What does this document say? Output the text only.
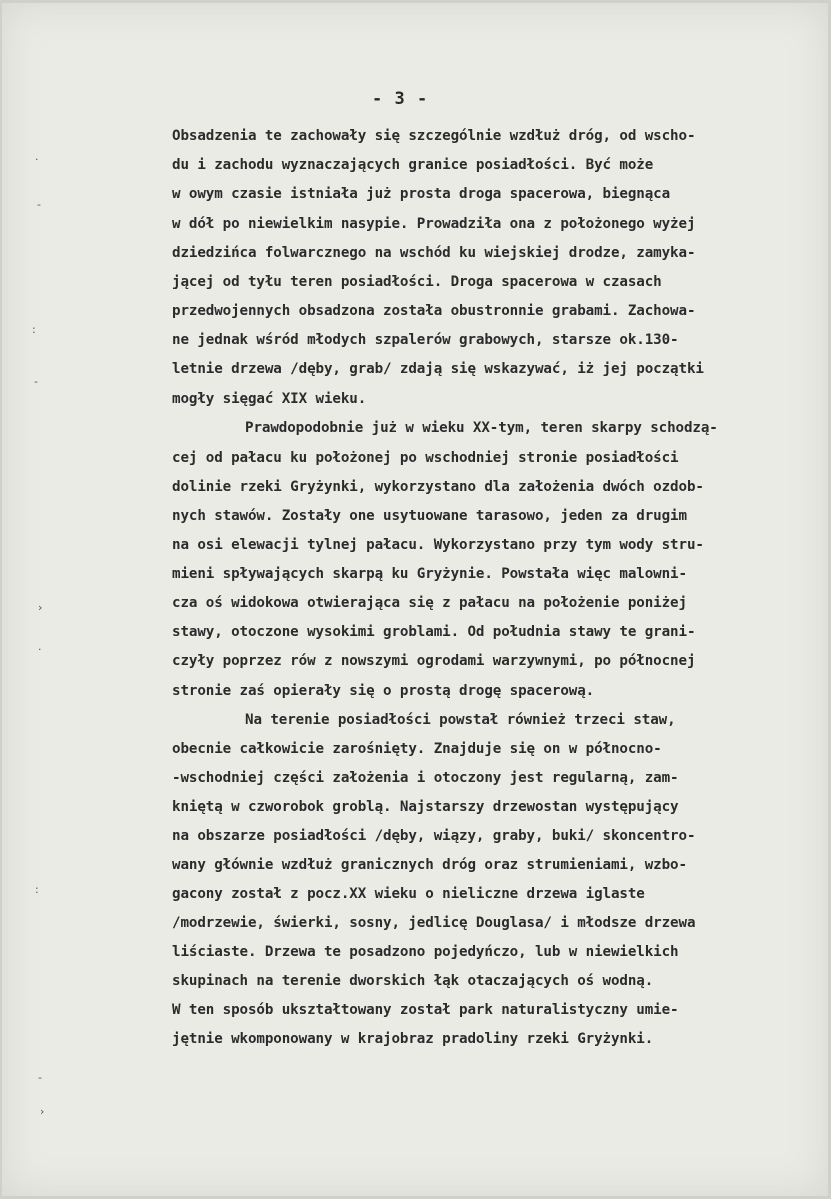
- 3 -
Obsadzenia te zachowały się szczególnie wzdłuż dróg, od wscho-
du i zachodu wyznaczających granice posiadłości. Być może
w owym czasie istniała już prosta droga spacerowa, biegnąca
w dół po niewielkim nasypie. Prowadziła ona z położonego wyżej
dziedzińca folwarcznego na wschód ku wiejskiej drodze, zamyka-
jącej od tyłu teren posiadłości. Droga spacerowa w czasach
przedwojennych obsadzona została obustronnie grabami. Zachowa-
ne jednak wśród młodych szpalerów grabowych, starsze ok.130-
letnie drzewa /dęby, grab/ zdają się wskazywać, iż jej początki
mogły sięgać XIX wieku.
Prawdopodobnie już w wieku XX-tym, teren skarpy schodzą-
cej od pałacu ku położonej po wschodniej stronie posiadłości
dolinie rzeki Gryżynki, wykorzystano dla założenia dwóch ozdob-
nych stawów. Zostały one usytuowane tarasowo, jeden za drugim
na osi elewacji tylnej pałacu. Wykorzystano przy tym wody stru-
mieni spływających skarpą ku Gryżynie. Powstała więc malowni-
cza oś widokowa otwierająca się z pałacu na położenie poniżej
stawy, otoczone wysokimi groblami. Od południa stawy te grani-
czyły poprzez rów z nowszymi ogrodami warzywnymi, po północnej
stronie zaś opierały się o prostą drogę spacerową.
Na terenie posiadłości powstał również trzeci staw,
obecnie całkowicie zarośnięty. Znajduje się on w północno-
-wschodniej części założenia i otoczony jest regularną, zam-
kniętą w czworobok groblą. Najstarszy drzewostan występujący
na obszarze posiadłości /dęby, wiązy, graby, buki/ skoncentro-
wany głównie wzdłuż granicznych dróg oraz strumieniami, wzbo-
gacony został z pocz.XX wieku o nieliczne drzewa iglaste
/modrzewie, świerki, sosny, jedlicę Douglasa/ i młodsze drzewa
liściaste. Drzewa te posadzono pojedyńczo, lub w niewielkich
skupinach na terenie dworskich łąk otaczających oś wodną.
W ten sposób ukształtowany został park naturalistyczny umie-
jętnie wkomponowany w krajobraz pradoliny rzeki Gryżynki.
·
-
:
-
›
·
:
-
›
